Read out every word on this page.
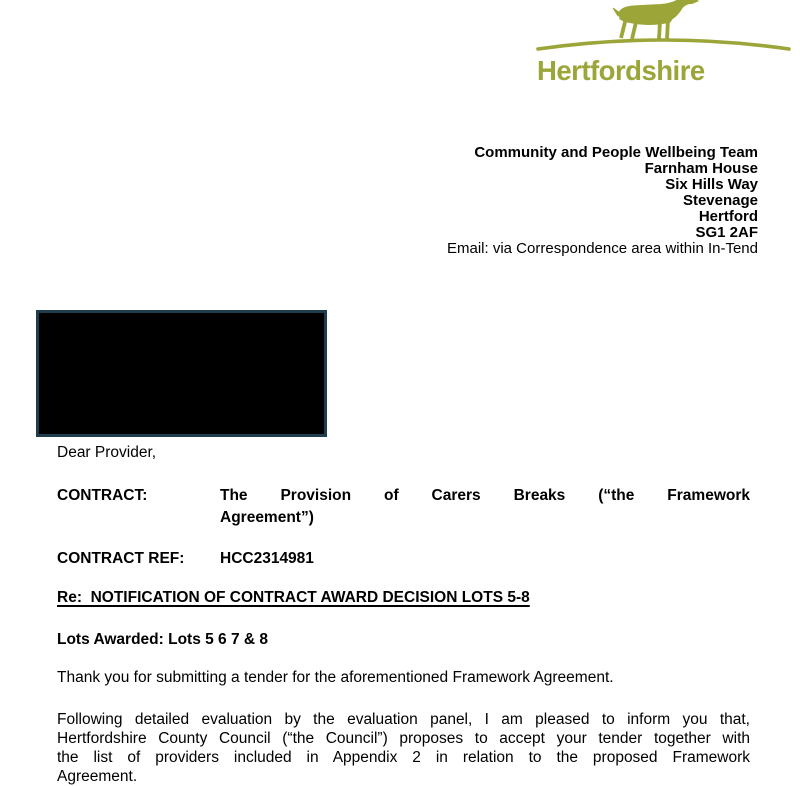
Hertfordshire
Community and People Wellbeing Team
Farnham House
Six Hills Way
Stevenage
Hertford
SG1 2AF
Email: via Correspondence area within In-Tend
Dear Provider,
CONTRACT:	The Provision of Carers Breaks (“the Framework
Agreement”)
CONTRACT REF:	HCC2314981
Re:  NOTIFICATION OF CONTRACT AWARD DECISION LOTS 5-8
Lots Awarded: Lots 5 6 7 & 8
Thank you for submitting a tender for the aforementioned Framework Agreement.
Following detailed evaluation by the evaluation panel, I am pleased to inform you that,
Hertfordshire County Council (“the Council”) proposes to accept your tender together with
the list of providers included in Appendix 2 in relation to the proposed Framework
Agreement.
